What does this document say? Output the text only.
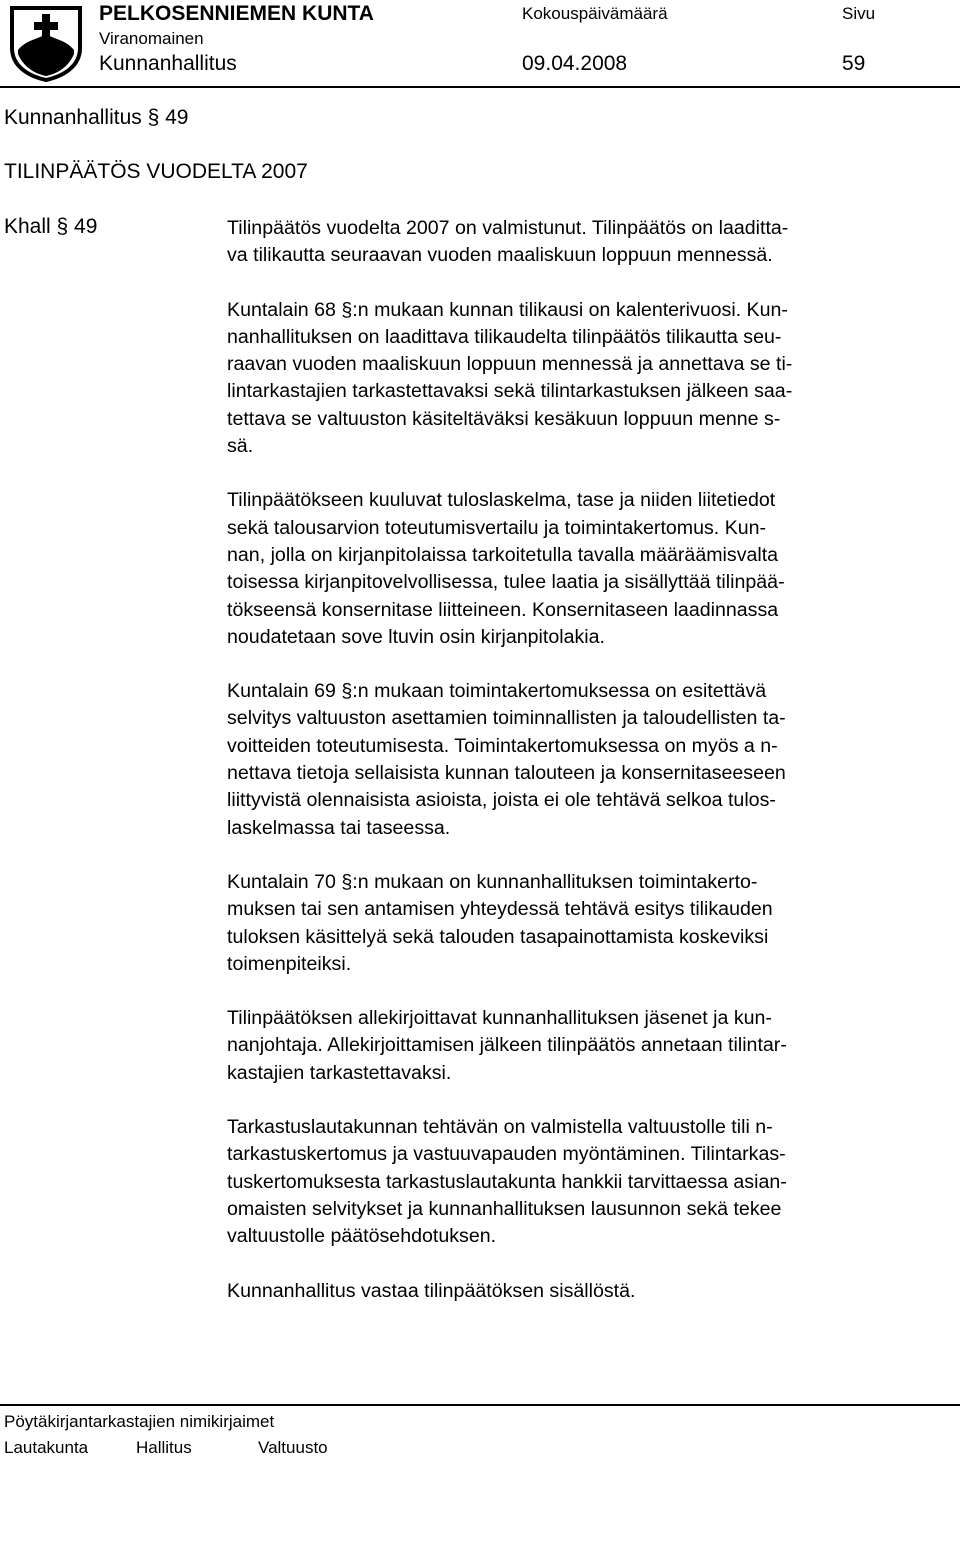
PELKOSENNIEMEN KUNTA
Viranomainen
Kunnanhallitus
Kokouspäivämäärä	Sivu
09.04.2008	59
Kunnanhallitus § 49
TILINPÄÄTÖS VUODELTA 2007
Khall § 49	Tilinpäätös vuodelta 2007 on valmistunut. Tilinpäätös on laaditta-
va tilikautta seuraavan vuoden maaliskuun loppuun mennessä.

Kuntalain 68 §:n mukaan kunnan tilikausi on kalenterivuosi. Kun-
nanhallituksen on laadittava tilikaudelta tilinpäätös tilikautta seu-
raavan vuoden maaliskuun loppuun mennessä ja annettava se ti-
lintarkastajien tarkastettavaksi sekä tilintarkastuksen jälkeen saa-
tettava se valtuuston käsiteltäväksi kesäkuun loppuun menne s-
sä.

Tilinpäätökseen kuuluvat tuloslaskelma, tase ja niiden liitetiedot
sekä talousarvion toteutumisvertailu ja toimintakertomus. Kun-
nan, jolla on kirjanpitolaissa tarkoitetulla tavalla määräämisvalta
toisessa kirjanpitovelvollisessa, tulee laatia ja sisällyttää tilinpää-
tökseensä konsernitase liitteineen. Konsernitaseen laadinnassa
noudatetaan sove ltuvin osin kirjanpitolakia.

Kuntalain 69 §:n mukaan toimintakertomuksessa on esitettävä
selvitys valtuuston asettamien toiminnallisten ja taloudellisten ta-
voitteiden toteutumisesta. Toimintakertomuksessa on myös a n-
nettava tietoja sellaisista kunnan talouteen ja konsernitaseeseen
liittyvistä olennaisista asioista, joista ei ole tehtävä selkoa tulos-
laskelmassa tai taseessa.

Kuntalain 70 §:n mukaan on kunnanhallituksen toimintakerto-
muksen tai sen antamisen yhteydessä tehtävä esitys tilikauden
tuloksen käsittelyä sekä talouden tasapainottamista koskeviksi
toimenpiteiksi.

Tilinpäätöksen allekirjoittavat kunnanhallituksen jäsenet ja kun-
nanjohtaja. Allekirjoittamisen jälkeen tilinpäätös annetaan tilintar-
kastajien tarkastettavaksi.

Tarkastuslautakunnan tehtävän on valmistella valtuustolle tili n-
tarkastuskertomus ja vastuuvapauden myöntäminen. Tilintarkas-
tuskertomuksesta tarkastuslautakunta hankkii tarvittaessa asian-
omaisten selvitykset ja kunnanhallituksen lausunnon sekä tekee
valtuustolle päätösehdotuksen.

Kunnanhallitus vastaa tilinpäätöksen sisällöstä.

Pöytäkirjantarkastajien nimikirjaimet
Lautakunta	Hallitus	Valtuusto
